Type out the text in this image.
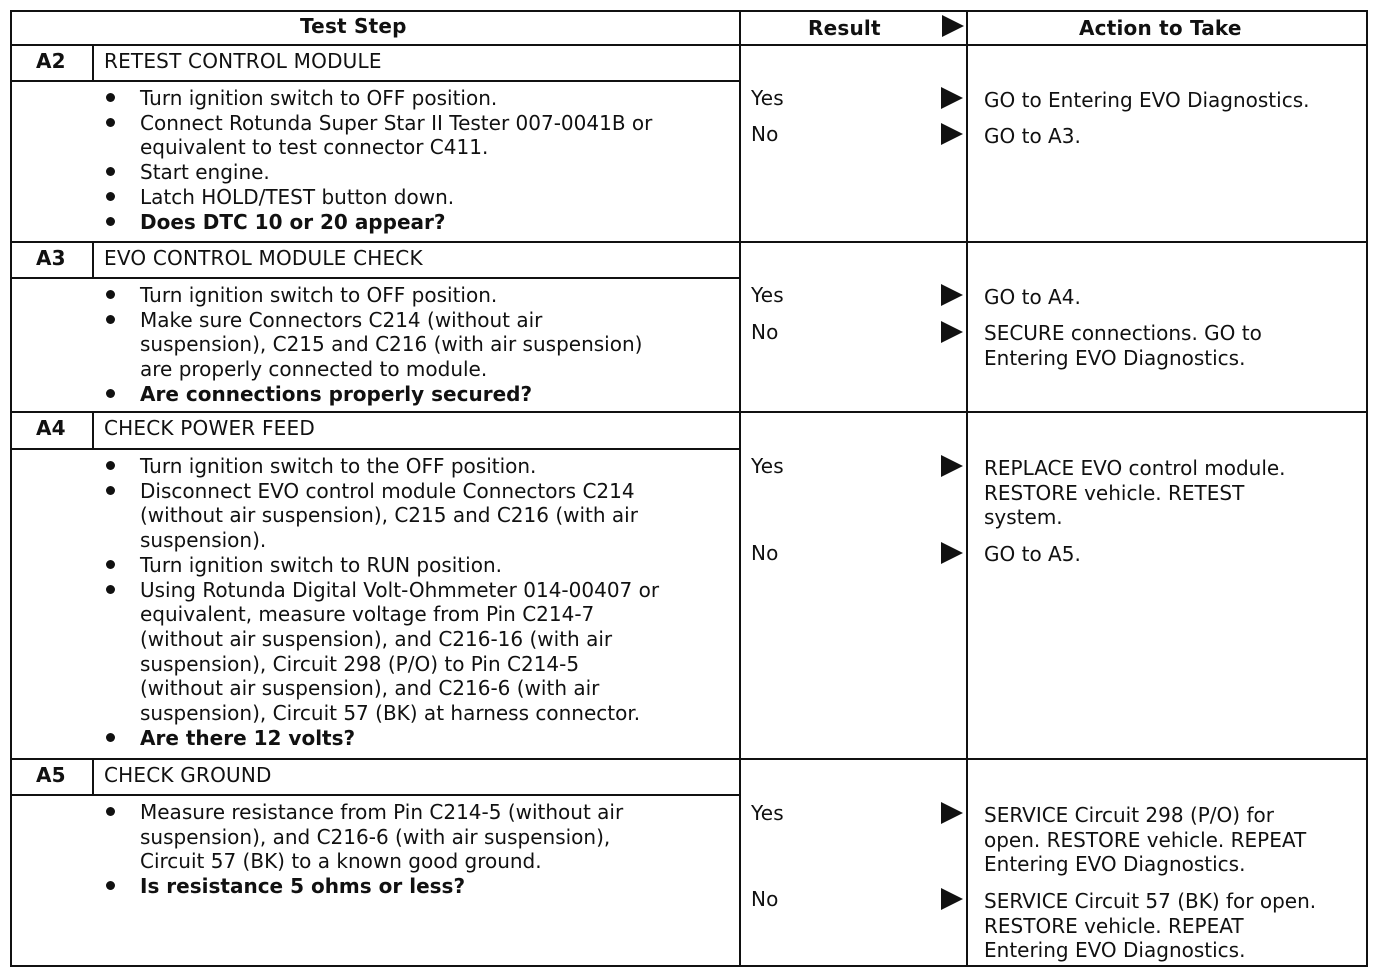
Test Step	Result	Action to Take
A2 RETEST CONTROL MODULE
Turn ignition switch to OFF position.
Connect Rotunda Super Star II Tester 007-0041B or
equivalent to test connector C411.
Start engine.
Latch HOLD/TEST button down.
Does DTC 10 or 20 appear?
Yes	GO to Entering EVO Diagnostics.
No	GO to A3.
A3 EVO CONTROL MODULE CHECK
Turn ignition switch to OFF position.
Make sure Connectors C214 (without air
suspension), C215 and C216 (with air suspension)
are properly connected to module.
Are connections properly secured?
Yes	GO to A4.
No	SECURE connections. GO to
Entering EVO Diagnostics.
A4 CHECK POWER FEED
Turn ignition switch to the OFF position.
Disconnect EVO control module Connectors C214
(without air suspension), C215 and C216 (with air
suspension).
Turn ignition switch to RUN position.
Using Rotunda Digital Volt-Ohmmeter 014-00407 or
equivalent, measure voltage from Pin C214-7
(without air suspension), and C216-16 (with air
suspension), Circuit 298 (P/O) to Pin C214-5
(without air suspension), and C216-6 (with air
suspension), Circuit 57 (BK) at harness connector.
Are there 12 volts?
Yes	REPLACE EVO control module.
RESTORE vehicle. RETEST
system.
No	GO to A5.
A5 CHECK GROUND
Measure resistance from Pin C214-5 (without air
suspension), and C216-6 (with air suspension),
Circuit 57 (BK) to a known good ground.
Is resistance 5 ohms or less?
Yes	SERVICE Circuit 298 (P/O) for
open. RESTORE vehicle. REPEAT
Entering EVO Diagnostics.
No	SERVICE Circuit 57 (BK) for open.
RESTORE vehicle. REPEAT
Entering EVO Diagnostics.
